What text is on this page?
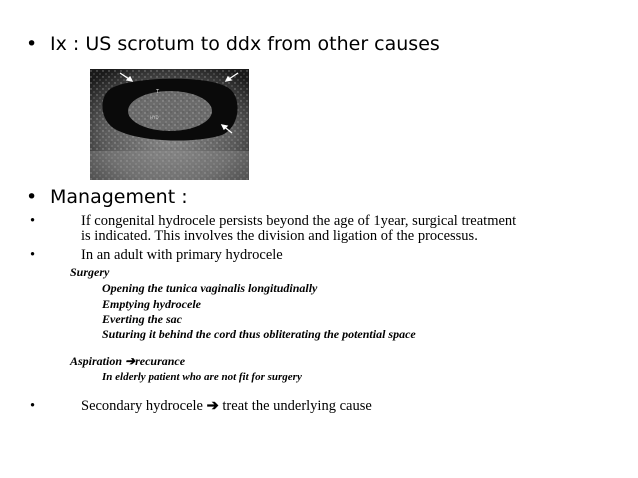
• Ix : US scrotum to ddx from other causes
T
HYD
• Management :
•	If congenital hydrocele persists beyond the age of 1year, surgical treatment
is indicated. This involves the division and ligation of the processus.
•	In an adult with primary hydrocele
Surgery
Opening the tunica vaginalis longitudinally
Emptying hydrocele
Everting the sac
Suturing it behind the cord thus obliterating the potential space
Aspiration ➔recurance
In elderly patient who are not fit for surgery
•	Secondary hydrocele ➔ treat the underlying cause
